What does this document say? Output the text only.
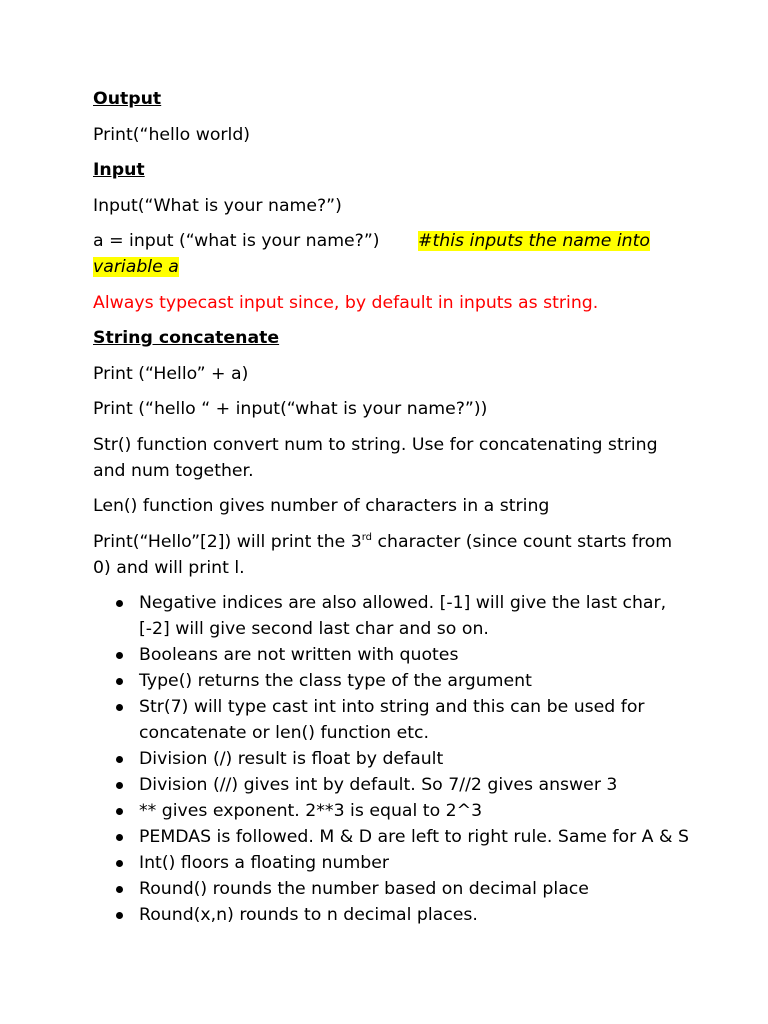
Output

Print(“hello world)

Input

Input(“What is your name?”)

a = input (“what is your name?”) #this inputs the name into
variable a

Always typecast input since, by default in inputs as string.

String concatenate

Print (“Hello” + a)

Print (“hello “ + input(“what is your name?”))

Str() function convert num to string. Use for concatenating string and num together.

Len() function gives number of characters in a string

Print(“Hello”[2]) will print the 3rd character (since count starts from 0) and will print l.

Negative indices are also allowed. [-1] will give the last char, [-2] will give second last char and so on.
Booleans are not written with quotes
Type() returns the class type of the argument
Str(7) will type cast int into string and this can be used for concatenate or len() function etc.
Division (/) result is float by default
Division (//) gives int by default. So 7//2 gives answer 3
** gives exponent. 2**3 is equal to 2^3
PEMDAS is followed. M & D are left to right rule. Same for A & S
Int() floors a floating number
Round() rounds the number based on decimal place
Round(x,n) rounds to n decimal places.
